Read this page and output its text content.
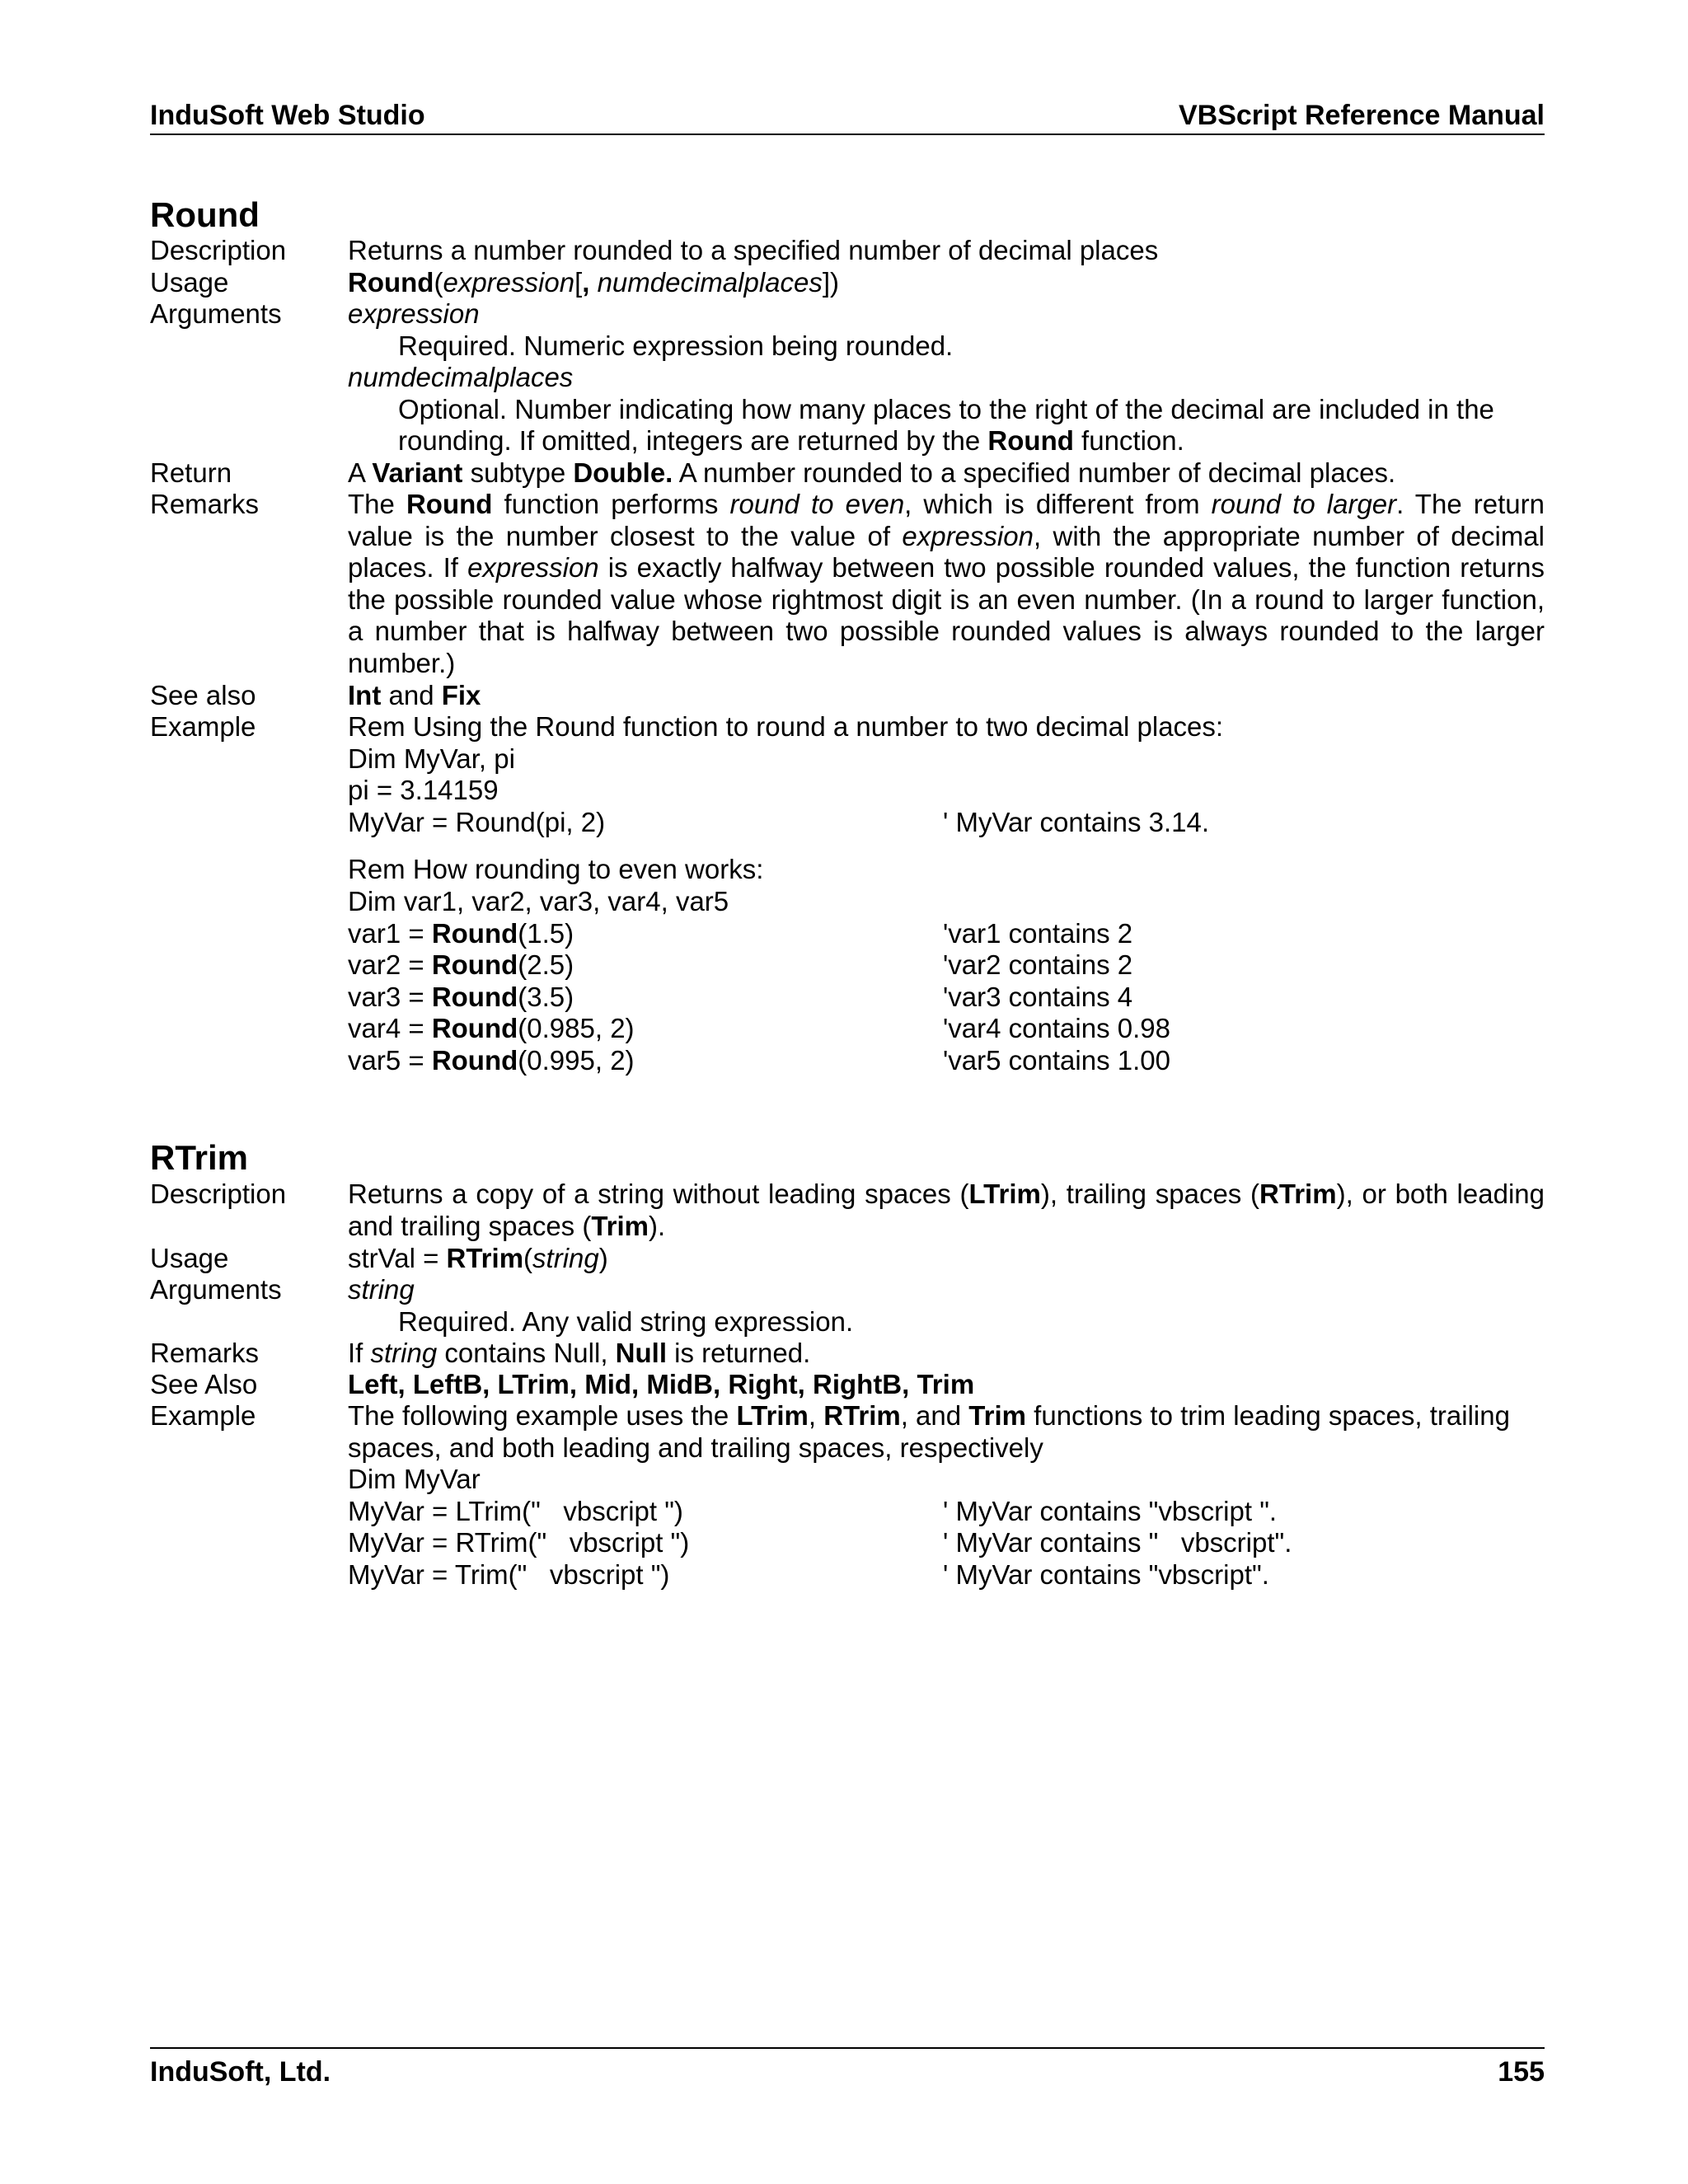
InduSoft Web Studio	VBScript Reference Manual
Round
Description	Returns a number rounded to a specified number of decimal places
Usage	Round(expression[, numdecimalplaces])
Arguments	expression

Required. Numeric expression being rounded.

numdecimalplaces

Optional. Number indicating how many places to the right of the decimal are included in the rounding. If omitted, integers are returned by the Round function.

Return	A Variant subtype Double. A number rounded to a specified number of decimal places.
Remarks	The Round function performs round to even, which is different from round to larger. The return value is the number closest to the value of expression, with the appropriate number of decimal places. If expression is exactly halfway between two possible rounded values, the function returns the possible rounded value whose rightmost digit is an even number. (In a round to larger function, a number that is halfway between two possible rounded values is always rounded to the larger number.)
See also	Int and Fix
Example	Rem Using the Round function to round a number to two decimal places:

Dim MyVar, pi

pi = 3.14159

MyVar = Round(pi, 2)	' MyVar contains 3.14.

Rem How rounding to even works:

Dim var1, var2, var3, var4, var5

var1 = Round(1.5)	'var1 contains 2
var2 = Round(2.5)	'var2 contains 2
var3 = Round(3.5)	'var3 contains 4
var4 = Round(0.985, 2)	'var4 contains 0.98
var5 = Round(0.995, 2)	'var5 contains 1.00
RTrim
Description	Returns a copy of a string without leading spaces (LTrim), trailing spaces (RTrim), or both leading and trailing spaces (Trim).
Usage	strVal = RTrim(string)
Arguments	string

Required. Any valid string expression.

Remarks	If string contains Null, Null is returned.
See Also	Left, LeftB, LTrim, Mid, MidB, Right, RightB, Trim
Example	The following example uses the LTrim, RTrim, and Trim functions to trim leading spaces, trailing spaces, and both leading and trailing spaces, respectively

Dim MyVar

MyVar = LTrim("   vbscript ")	' MyVar contains "vbscript ".
MyVar = RTrim("   vbscript ")	' MyVar contains "   vbscript".
MyVar = Trim("   vbscript ")	' MyVar contains "vbscript".
InduSoft, Ltd.	155
